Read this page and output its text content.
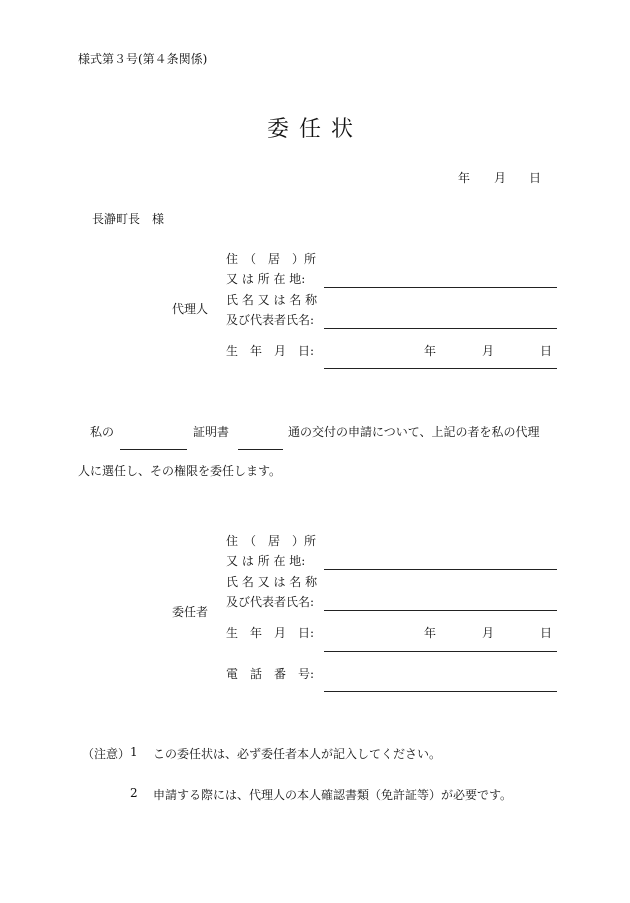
様式第３号(第４条関係)
委任状
年 月 日
長瀞町長　様
代理人
住　（　居　）所
又 は 所 在 地:
氏 名 又 は 名 称
及び代表者氏名:
生　年　月　日:	年	月	日
私の	証明書	通の交付の申請について、上記の者を私の代理
人に選任し、その権限を委任します。
委任者
住　（　居　）所
又 は 所 在 地:
氏 名 又 は 名 称
及び代表者氏名:
生　年　月　日:	年	月	日
電　話　番　号:
（注意） 1 この委任状は、必ず委任者本人が記入してください。
2 申請する際には、代理人の本人確認書類（免許証等）が必要です。
